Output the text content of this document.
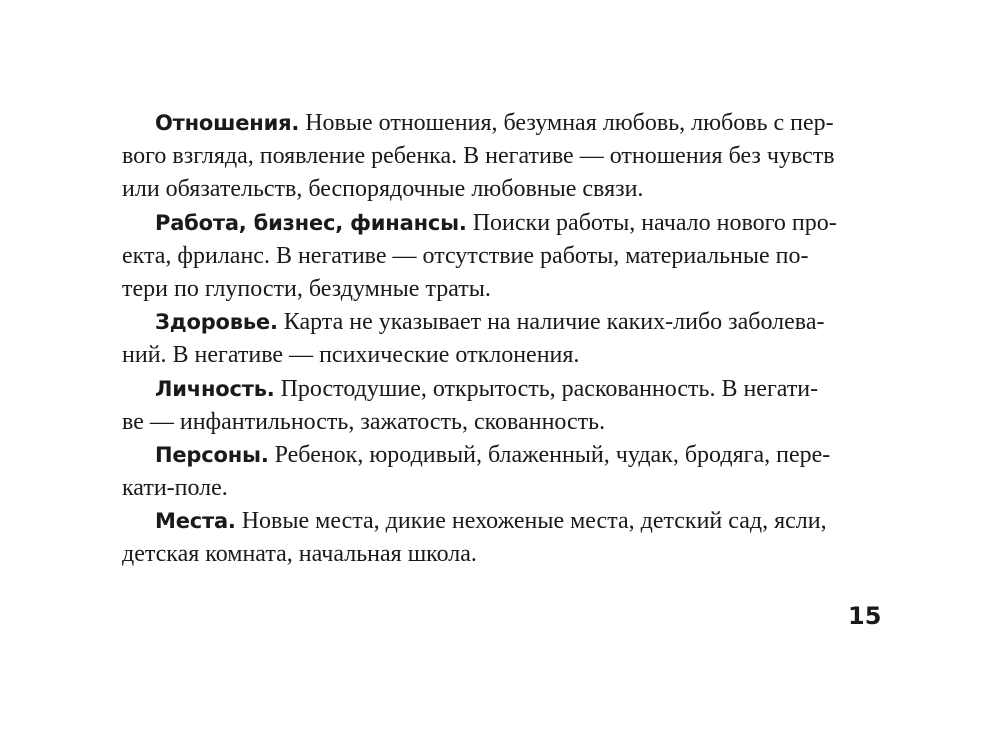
Отношения. Новые отношения, безумная любовь, любовь с пер-
вого взгляда, появление ребенка. В негативе — отношения без чувств
или обязательств, беспорядочные любовные связи.
Работа, бизнес, финансы. Поиски работы, начало нового про-
екта, фриланс. В негативе — отсутствие работы, материальные по-
тери по глупости, бездумные траты.
Здоровье. Карта не указывает на наличие каких-либо заболева-
ний. В негативе — психические отклонения.
Личность. Простодушие, открытость, раскованность. В негати-
ве — инфантильность, зажатость, скованность.
Персоны. Ребенок, юродивый, блаженный, чудак, бродяга, пере-
кати-поле.
Места. Новые места, дикие нехоженые места, детский сад, ясли,
детская комната, начальная школа.
15
